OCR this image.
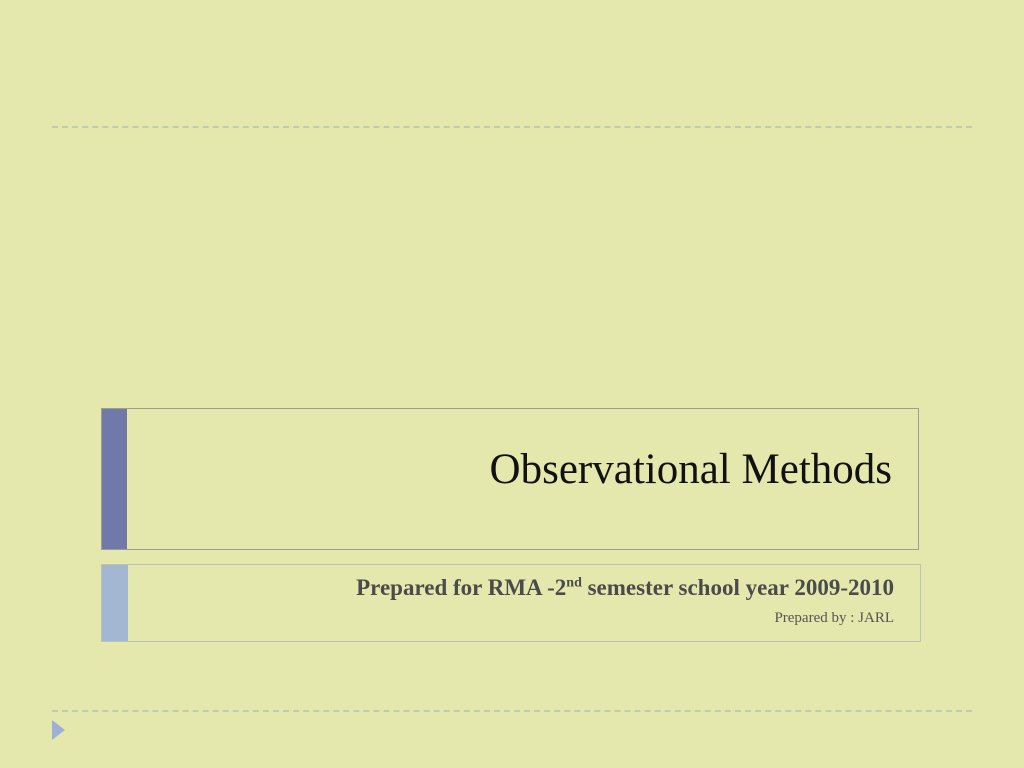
Observational Methods
Prepared for RMA -2nd semester school year 2009-2010
Prepared by : JARL
